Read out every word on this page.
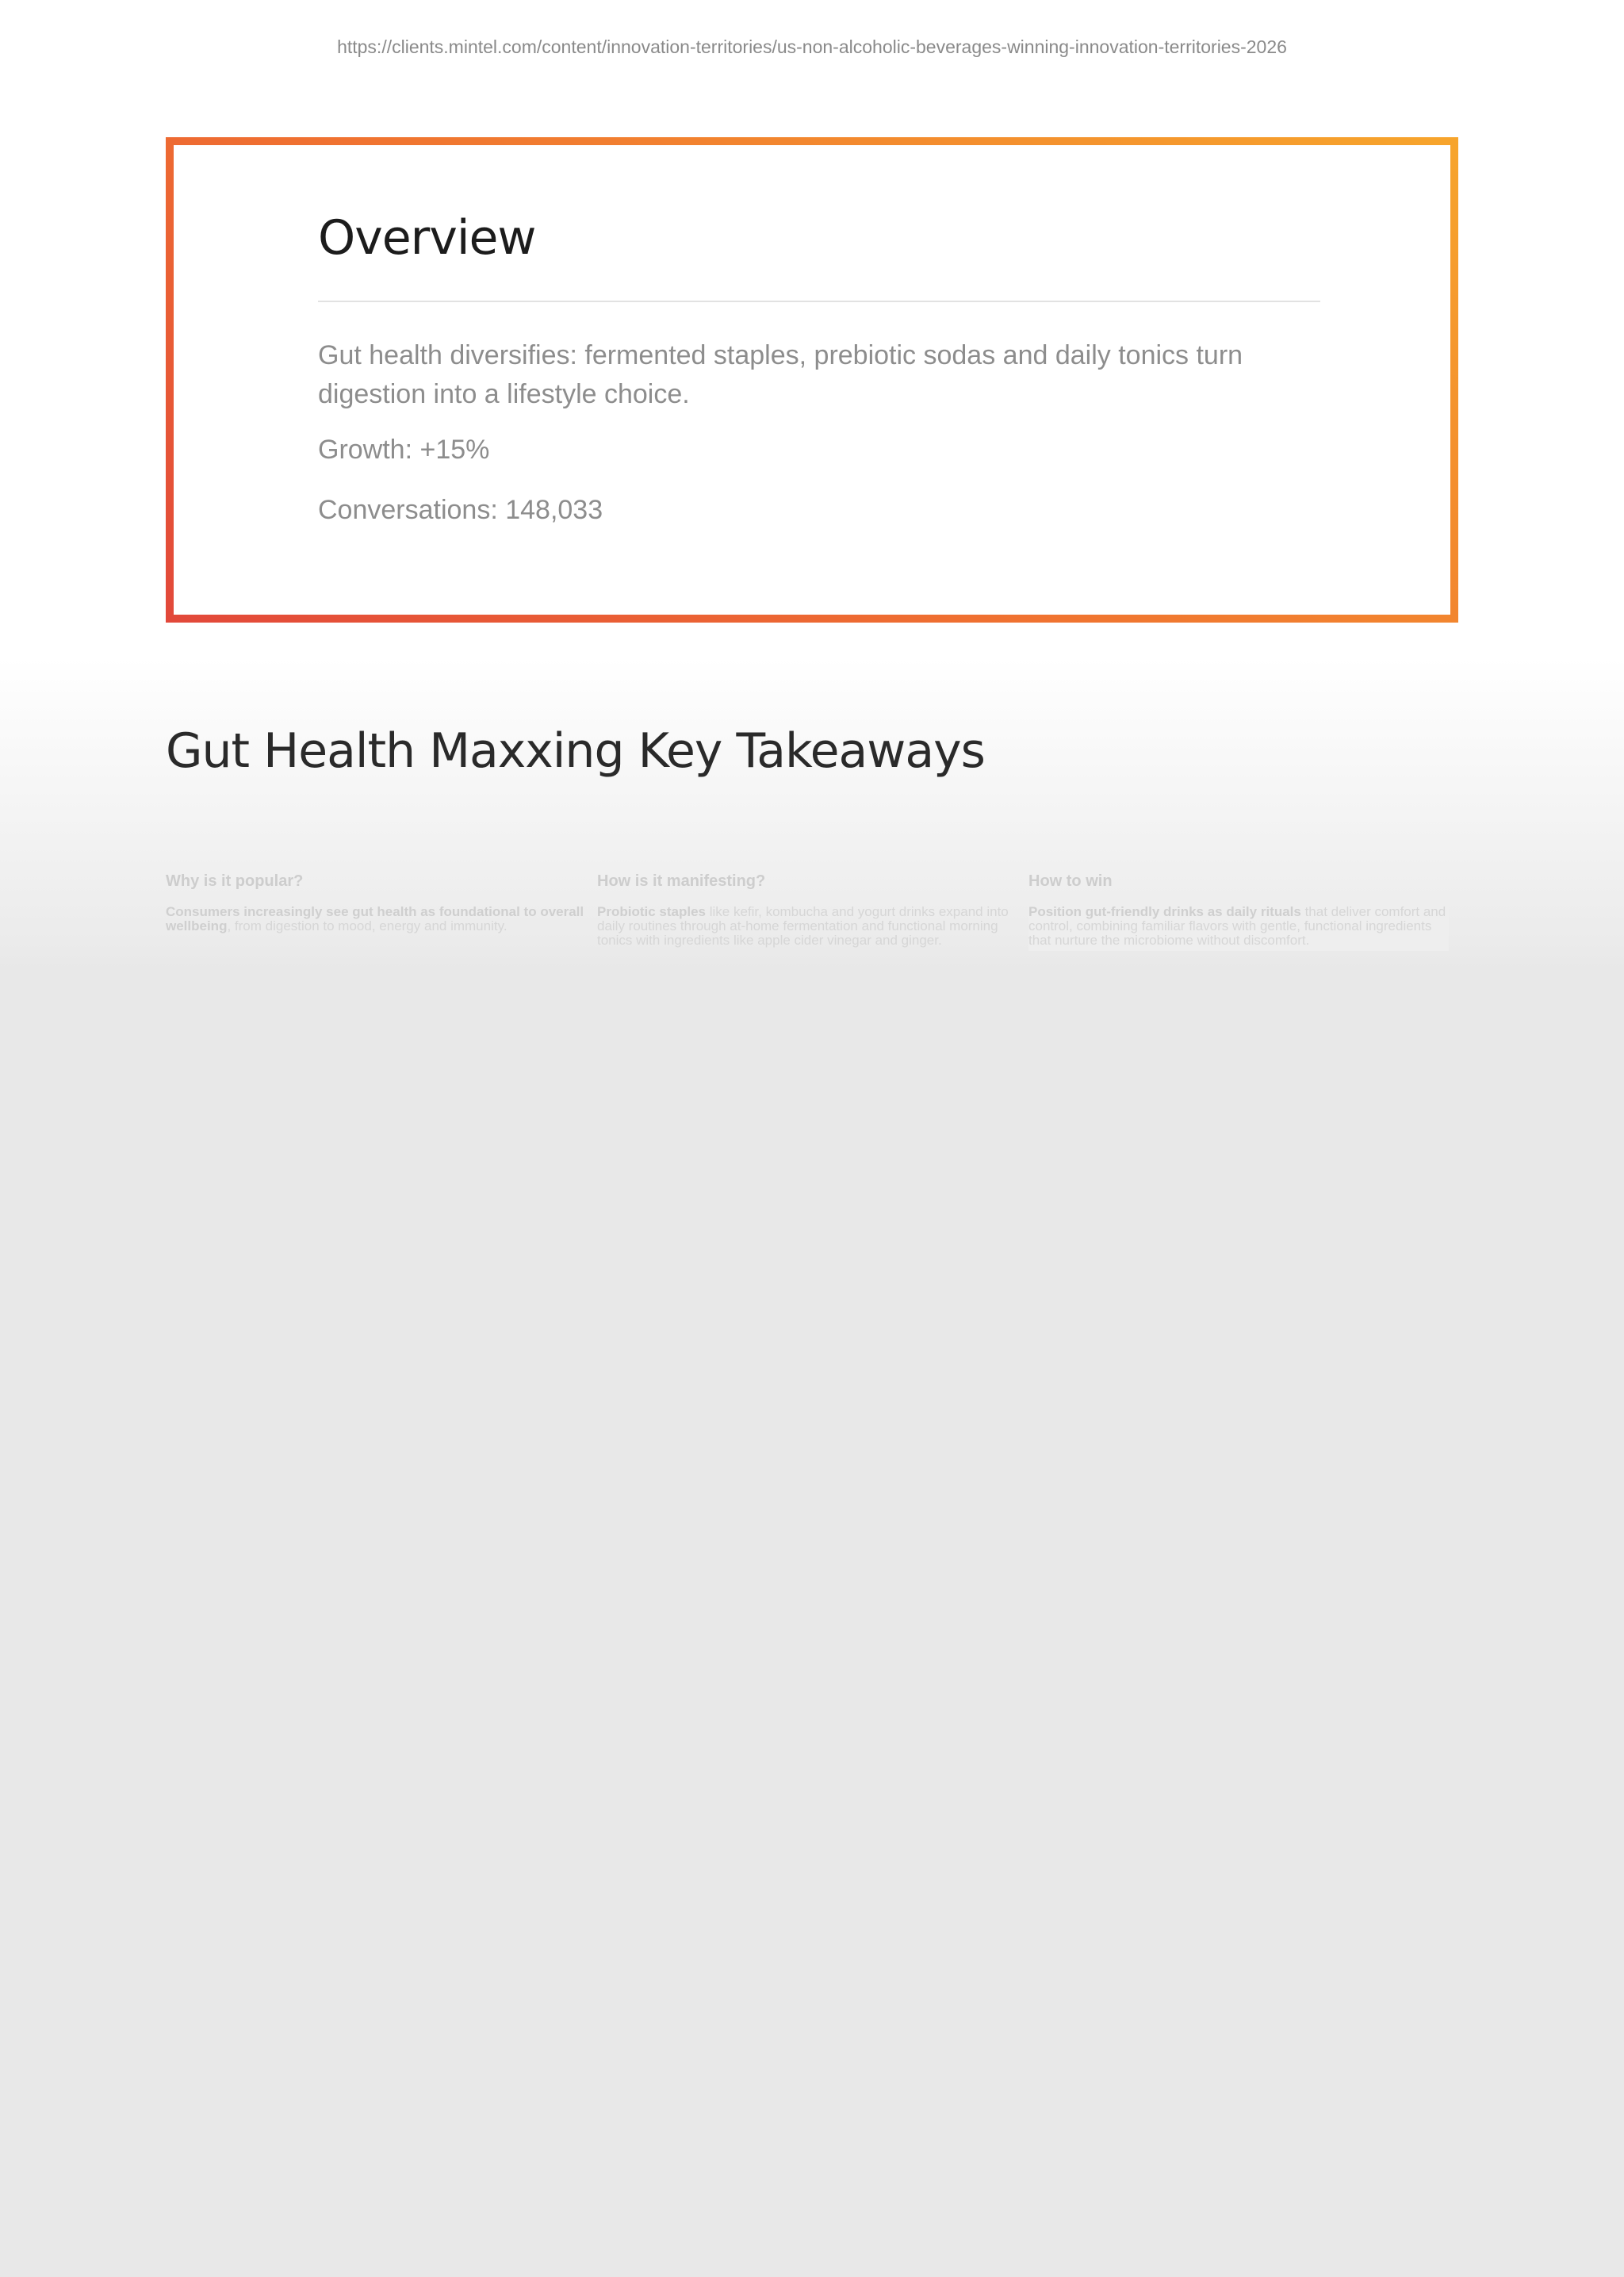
https://clients.mintel.com/content/innovation-territories/us-non-alcoholic-beverages-winning-innovation-territories-2026
Overview

Gut health diversifies: fermented staples, prebiotic sodas and daily tonics turn digestion into a lifestyle choice.

Growth: +15%

Conversations: 148,033

Gut Health Maxxing Key Takeaways
Why is it popular?

Consumers increasingly see gut health as foundational to overall wellbeing, from digestion to mood, energy and immunity.

How is it manifesting?

Probiotic staples like kefir, kombucha and yogurt drinks expand into daily routines through at-home fermentation and functional morning tonics with ingredients like apple cider vinegar and ginger.

How to win

Position gut-friendly drinks as daily rituals that deliver comfort and control, combining familiar flavors with gentle, functional ingredients that nurture the microbiome without discomfort.
